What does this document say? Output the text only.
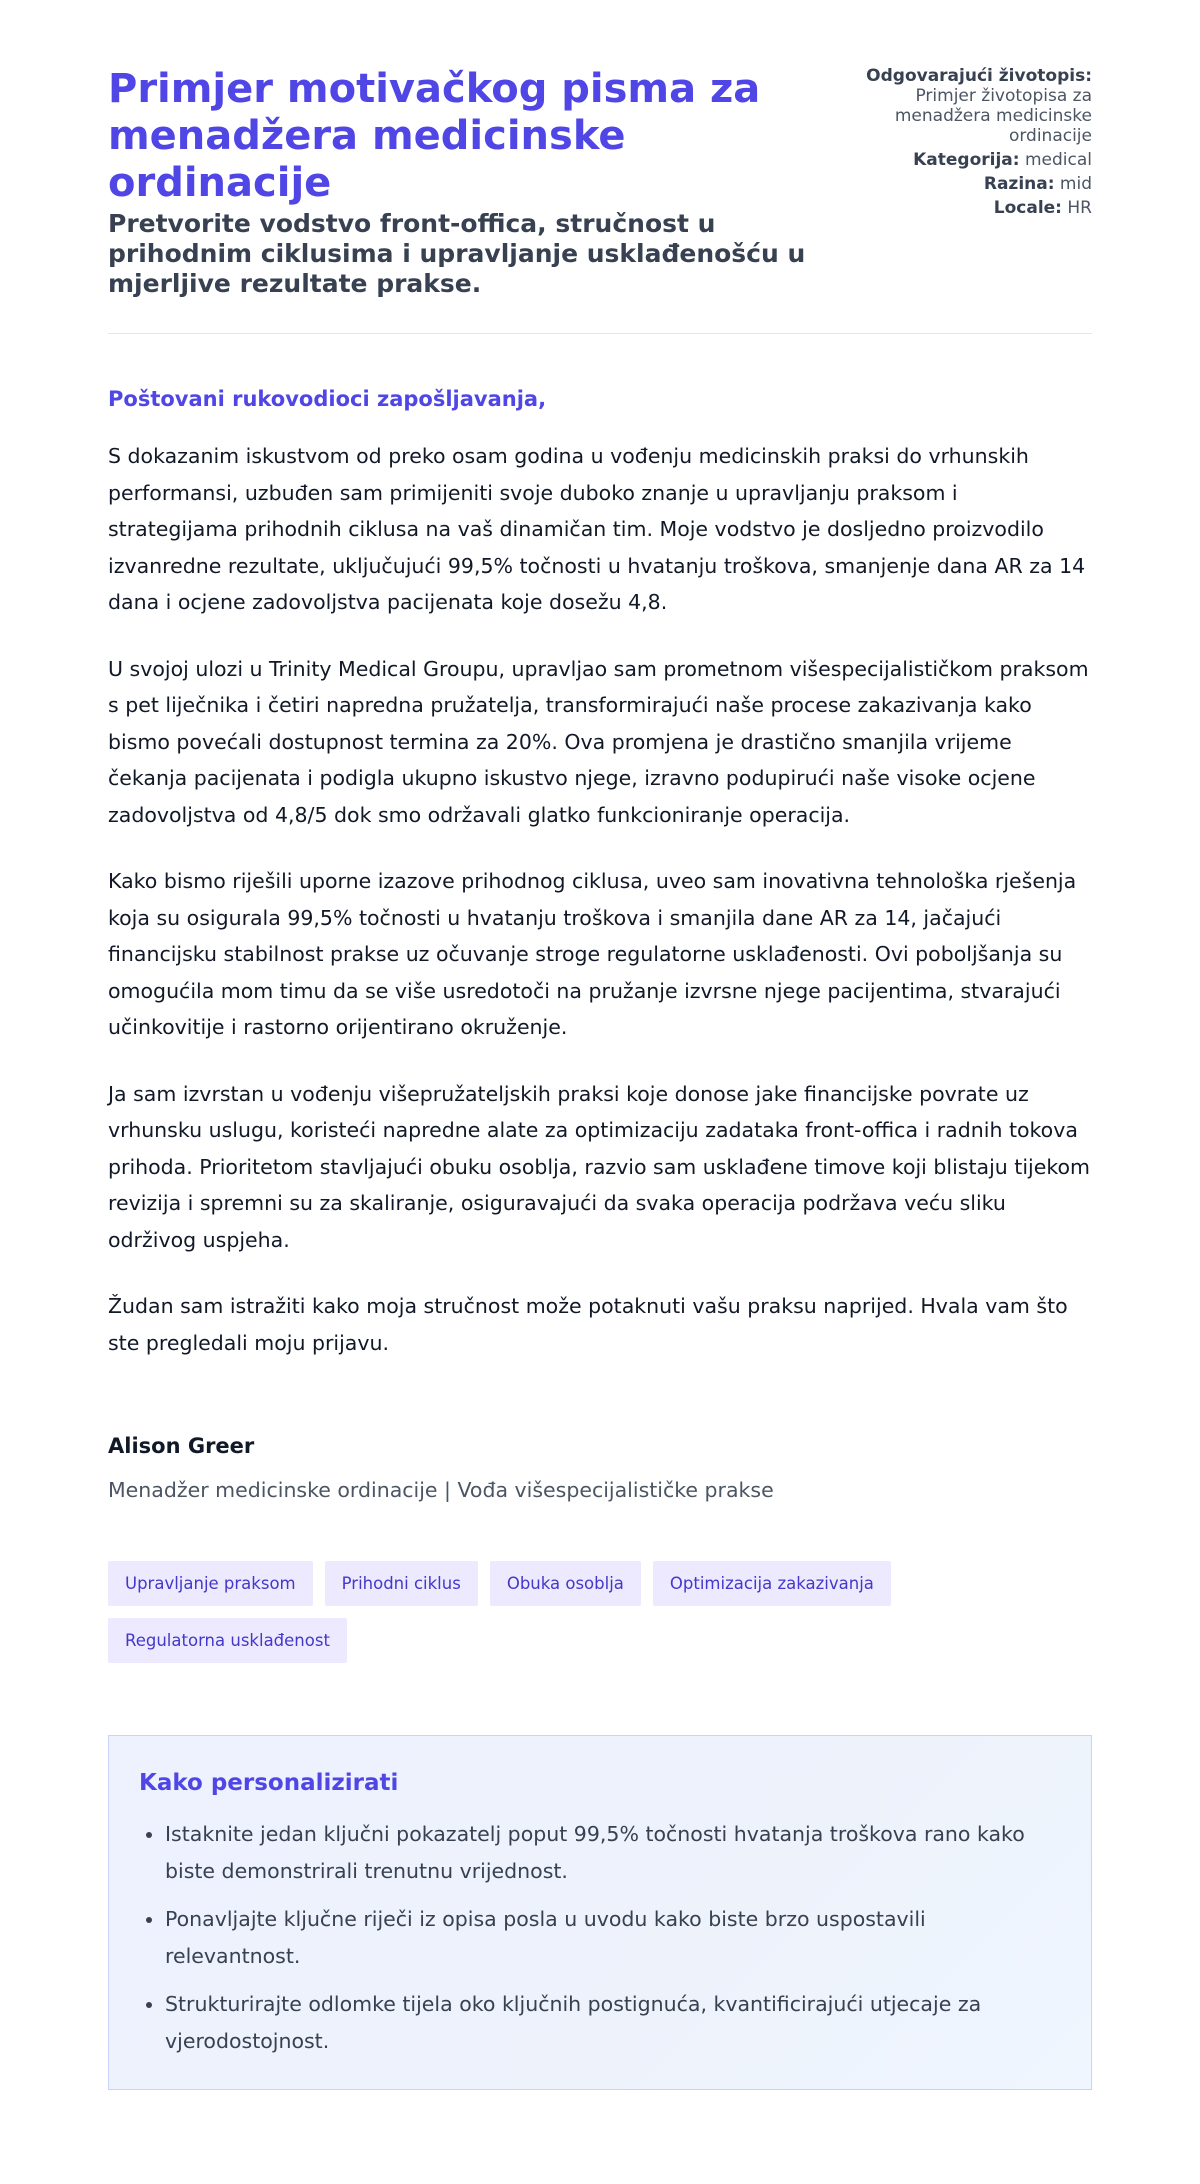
Primjer motivačkog pisma za menadžera medicinske ordinacije
Pretvorite vodstvo front-offica, stručnost u prihodnim ciklusima i upravljanje usklađenošću u mjerljive rezultate prakse.
Odgovarajući životopis:
Primjer životopisa za menadžera medicinske ordinacije
Kategorija: medical
Razina: mid
Locale: HR

Poštovani rukovodioci zapošljavanja,

S dokazanim iskustvom od preko osam godina u vođenju medicinskih praksi do vrhunskih performansi, uzbuđen sam primijeniti svoje duboko znanje u upravljanju praksom i strategijama prihodnih ciklusa na vaš dinamičan tim. Moje vodstvo je dosljedno proizvodilo izvanredne rezultate, uključujući 99,5% točnosti u hvatanju troškova, smanjenje dana AR za 14 dana i ocjene zadovoljstva pacijenata koje dosežu 4,8.

U svojoj ulozi u Trinity Medical Groupu, upravljao sam prometnom višespecijalističkom praksom s pet liječnika i četiri napredna pružatelja, transformirajući naše procese zakazivanja kako bismo povećali dostupnost termina za 20%. Ova promjena je drastično smanjila vrijeme čekanja pacijenata i podigla ukupno iskustvo njege, izravno podupirući naše visoke ocjene zadovoljstva od 4,8/5 dok smo održavali glatko funkcioniranje operacija.

Kako bismo riješili uporne izazove prihodnog ciklusa, uveo sam inovativna tehnološka rješenja koja su osigurala 99,5% točnosti u hvatanju troškova i smanjila dane AR za 14, jačajući financijsku stabilnost prakse uz očuvanje stroge regulatorne usklađenosti. Ovi poboljšanja su omogućila mom timu da se više usredotoči na pružanje izvrsne njege pacijentima, stvarajući učinkovitije i rastorno orijentirano okruženje.

Ja sam izvrstan u vođenju višepružateljskih praksi koje donose jake financijske povrate uz vrhunsku uslugu, koristeći napredne alate za optimizaciju zadataka front-offica i radnih tokova prihoda. Prioritetom stavljajući obuku osoblja, razvio sam usklađene timove koji blistaju tijekom revizija i spremni su za skaliranje, osiguravajući da svaka operacija podržava veću sliku održivog uspjeha.

Žudan sam istražiti kako moja stručnost može potaknuti vašu praksu naprijed. Hvala vam što ste pregledali moju prijavu.

Alison Greer

Menadžer medicinske ordinacije | Vođa višespecijalističke prakse

Upravljanje praksom	Prihodni ciklus	Obuka osoblja	Optimizacija zakazivanja
Regulatorna usklađenost
Kako personalizirati
• Istaknite jedan ključni pokazatelj poput 99,5% točnosti hvatanja troškova rano kako biste demonstrirali trenutnu vrijednost.
• Ponavljajte ključne riječi iz opisa posla u uvodu kako biste brzo uspostavili relevantnost.
• Strukturirajte odlomke tijela oko ključnih postignuća, kvantificirajući utjecaje za vjerodostojnost.
